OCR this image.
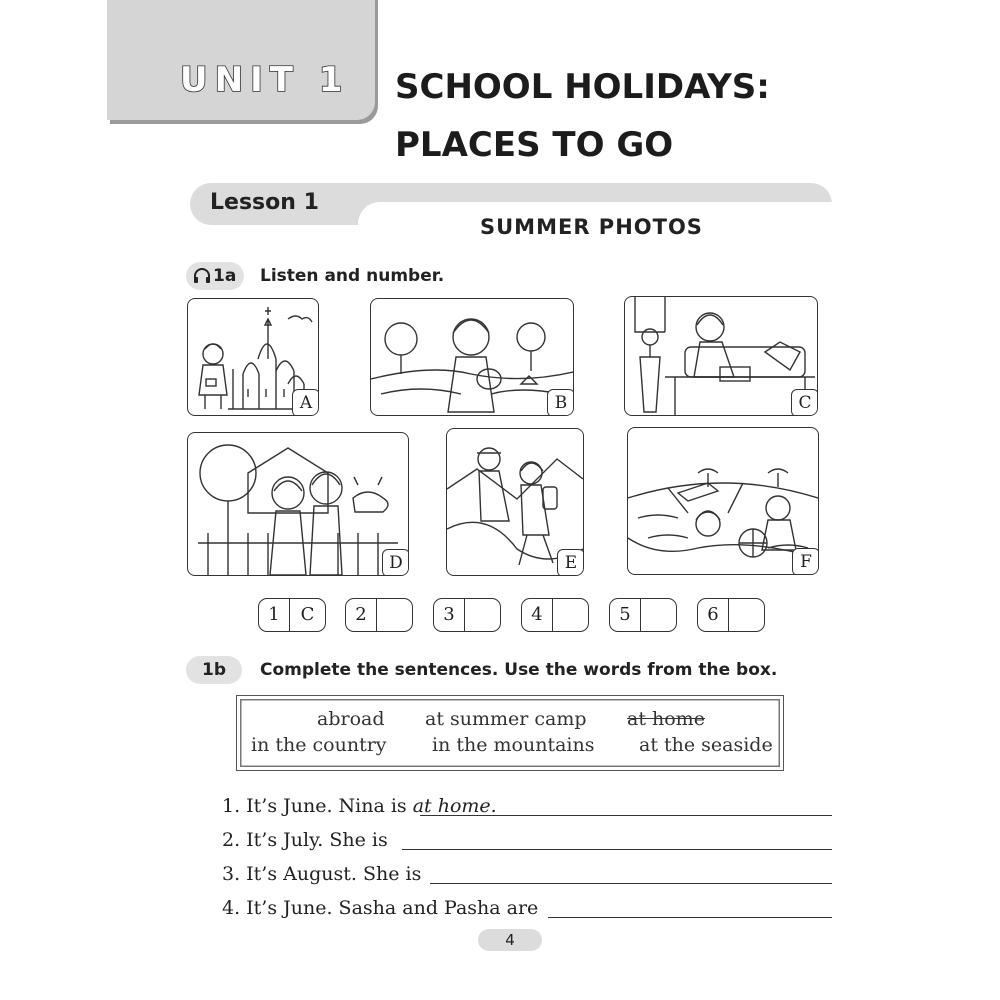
UNIT 1 SCHOOL HOLIDAYS:
PLACES TO GO
Lesson 1
SUMMER PHOTOS
1a Listen and number.
A	B	C
D	E	F
1	C	2	3	4	5	6
1b	Complete the sentences. Use the words from the box.
abroad at summer camp at home
in the country in the mountains at the seaside
1. It’s June. Nina is at home.
2. It’s July. She is
3. It’s August. She is
4. It’s June. Sasha and Pasha are
4
